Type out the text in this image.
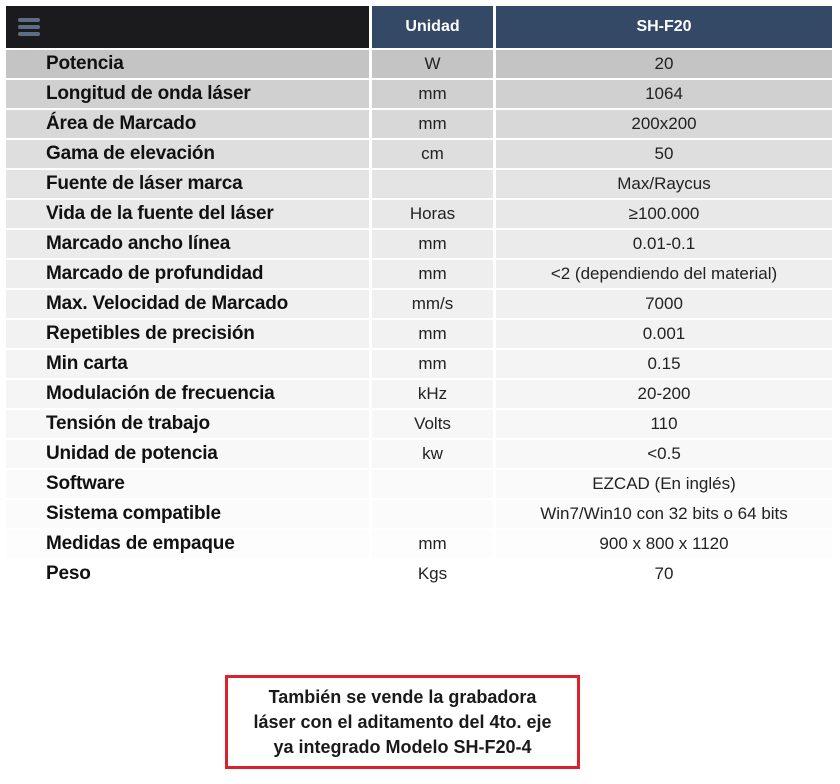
	Unidad	SH-F20
Potencia	W	20
Longitud de onda láser	mm	1064
Área de Marcado	mm	200x200
Gama de elevación	cm	50
Fuente de láser marca		Max/Raycus
Vida de la fuente del láser	Horas	≥100.000
Marcado ancho línea	mm	0.01-0.1
Marcado de profundidad	mm	<2 (dependiendo del material)
Max. Velocidad de Marcado	mm/s	7000
Repetibles de precisión	mm	0.001
Min carta	mm	0.15
Modulación de frecuencia	kHz	20-200
Tensión de trabajo	Volts	110
Unidad de potencia	kw	<0.5
Software		EZCAD (En inglés)
Sistema compatible		Win7/Win10 con 32 bits o 64 bits
Medidas de empaque	mm	900 x 800 x 1120
Peso	Kgs	70
También se vende la grabadora
láser con el aditamento del 4to. eje
ya integrado Modelo SH-F20-4
